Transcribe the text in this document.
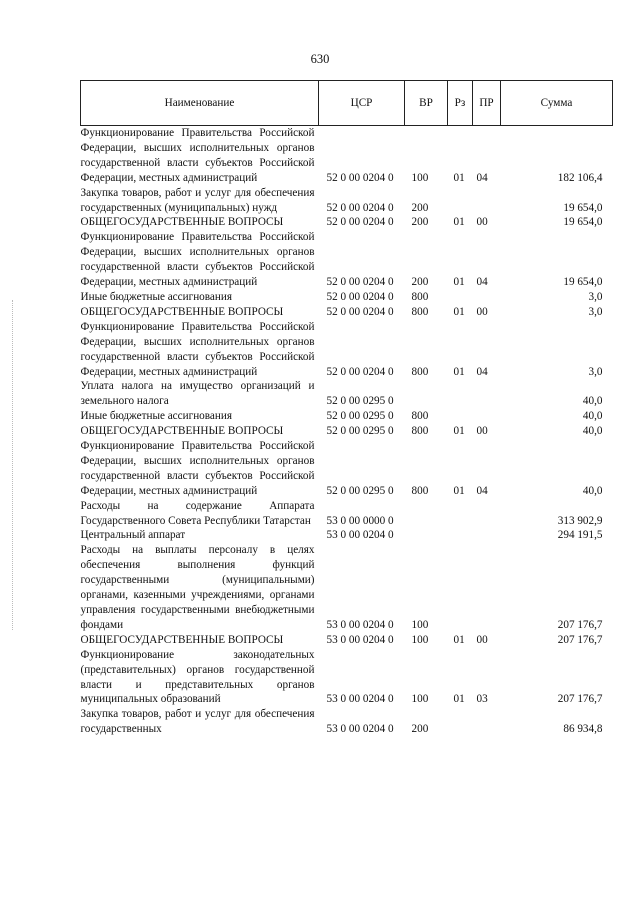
630
Наименование	ЦСР	ВР	Рз	ПР	Сумма
Функционирование Правительства Российской Федерации, высших исполнительных органов государственной власти субъектов Российской Федерации, местных администраций	52 0 00 0204 0	100	01	04	182 106,4
Закупка товаров, работ и услуг для обеспечения государственных (муниципальных) нужд	52 0 00 0204 0	200			19 654,0
ОБЩЕГОСУДАРСТВЕННЫЕ ВОПРОСЫ	52 0 00 0204 0	200	01	00	19 654,0
Функционирование Правительства Российской Федерации, высших исполнительных органов государственной власти субъектов Российской Федерации, местных администраций	52 0 00 0204 0	200	01	04	19 654,0
Иные бюджетные ассигнования	52 0 00 0204 0	800			3,0
ОБЩЕГОСУДАРСТВЕННЫЕ ВОПРОСЫ	52 0 00 0204 0	800	01	00	3,0
Функционирование Правительства Российской Федерации, высших исполнительных органов государственной власти субъектов Российской Федерации, местных администраций	52 0 00 0204 0	800	01	04	3,0
Уплата налога на имущество организаций и земельного налога	52 0 00 0295 0				40,0
Иные бюджетные ассигнования	52 0 00 0295 0	800			40,0
ОБЩЕГОСУДАРСТВЕННЫЕ ВОПРОСЫ	52 0 00 0295 0	800	01	00	40,0
Функционирование Правительства Российской Федерации, высших исполнительных органов государственной власти субъектов Российской Федерации, местных администраций	52 0 00 0295 0	800	01	04	40,0
Расходы на содержание Аппарата Государственного Совета Республики Татарстан	53 0 00 0000 0				313 902,9
Центральный аппарат	53 0 00 0204 0				294 191,5
Расходы на выплаты персоналу в целях обеспечения выполнения функций государственными (муниципальными) органами, казенными учреждениями, органами управления государственными внебюджетными фондами	53 0 00 0204 0	100			207 176,7
ОБЩЕГОСУДАРСТВЕННЫЕ ВОПРОСЫ	53 0 00 0204 0	100	01	00	207 176,7
Функционирование законодательных (представительных) органов государственной власти и представительных органов муниципальных образований	53 0 00 0204 0	100	01	03	207 176,7
Закупка товаров, работ и услуг для обеспечения государственных	53 0 00 0204 0	200			86 934,8
